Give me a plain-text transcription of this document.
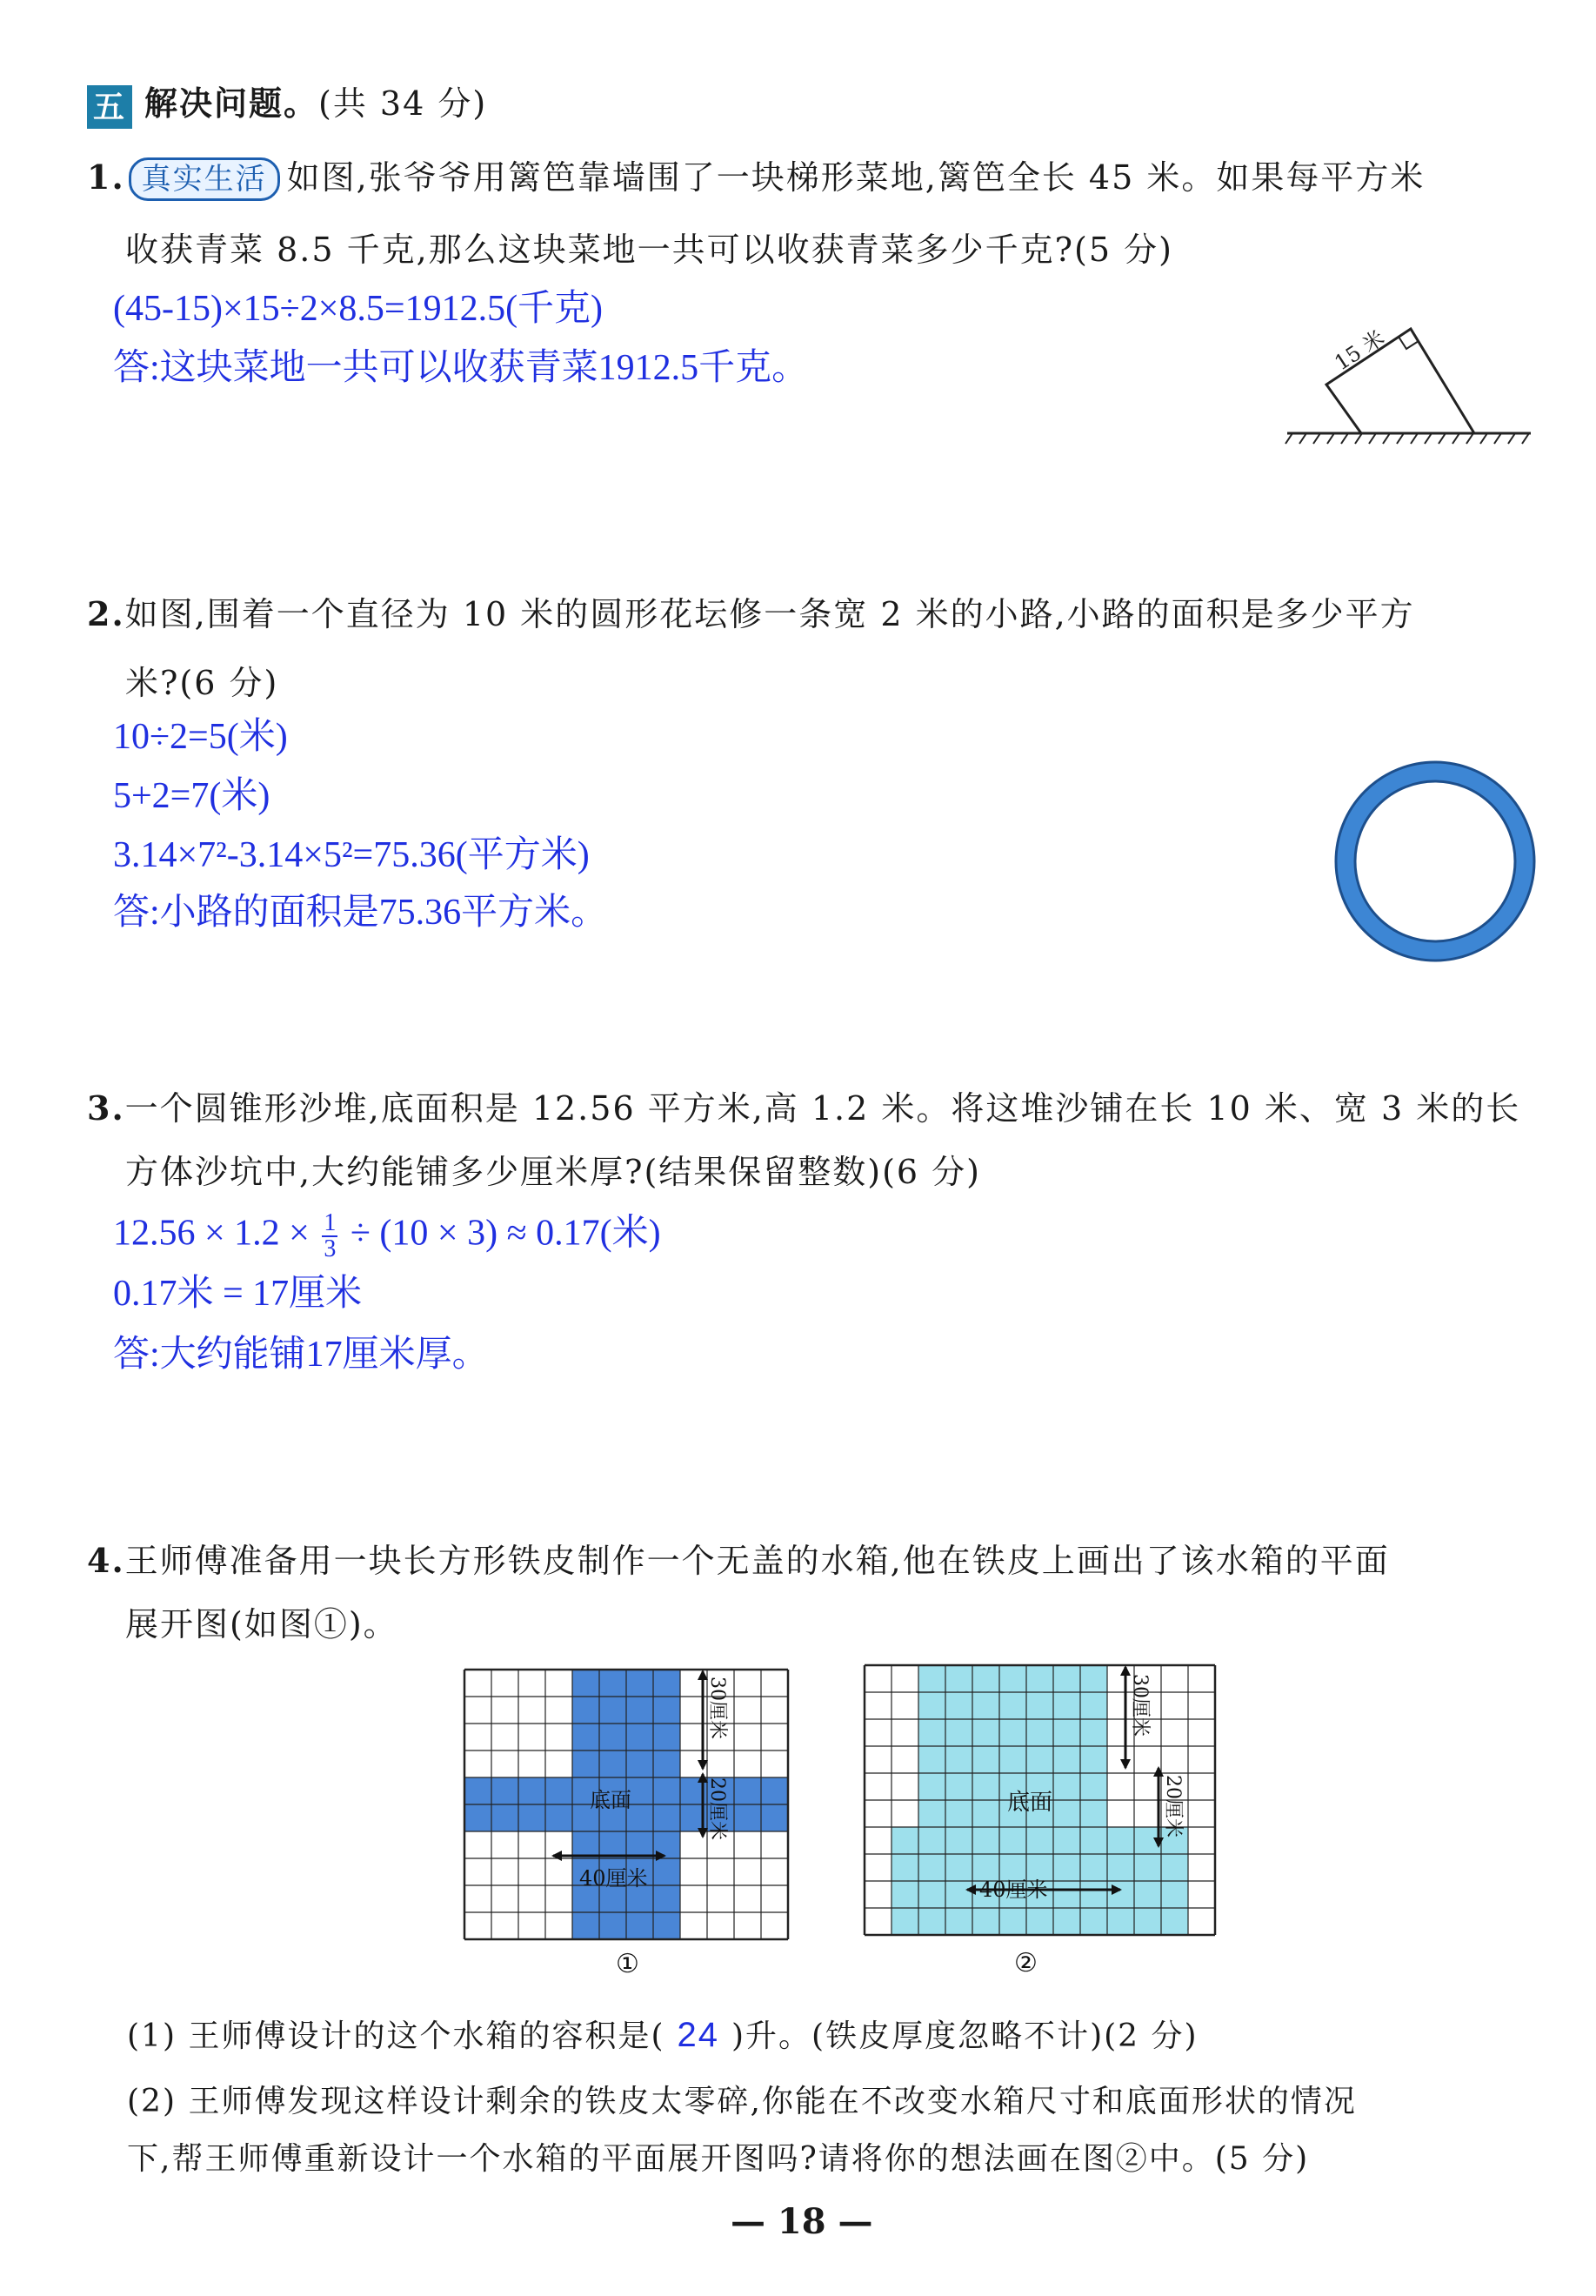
五 解决问题。(共 34 分)
1. 真实生活 如图,张爷爷用篱笆靠墙围了一块梯形菜地,篱笆全长 45 米。如果每平方米
收获青菜 8.5 千克,那么这块菜地一共可以收获青菜多少千克?(5 分)
(45-15)×15÷2×8.5=1912.5(千克)
答:这块菜地一共可以收获青菜1912.5千克。	15 米
2.如图,围着一个直径为 10 米的圆形花坛修一条宽 2 米的小路,小路的面积是多少平方
米?(6 分)
10÷2=5(米)
5+2=7(米)
3.14×7²-3.14×5²=75.36(平方米)
答:小路的面积是75.36平方米。
3.一个圆锥形沙堆,底面积是 12.56 平方米,高 1.2 米。将这堆沙铺在长 10 米、宽 3 米的长
方体沙坑中,大约能铺多少厘米厚?(结果保留整数)(6 分)
$12.56 \times 1.2 \times \frac{1}{3} \div (10 \times 3) \approx 0.17$(米)
0.17米 = 17厘米
答:大约能铺17厘米厚。
4.王师傅准备用一块长方形铁皮制作一个无盖的水箱,他在铁皮上画出了该水箱的平面
展开图(如图①)。
底面
30厘米
20厘米
40厘米
①
底面
30厘米
20厘米
40厘米
②
(1) 王师傅设计的这个水箱的容积是( 24 )升。(铁皮厚度忽略不计)(2 分)
(2) 王师傅发现这样设计剩余的铁皮太零碎,你能在不改变水箱尺寸和底面形状的情况
下,帮王师傅重新设计一个水箱的平面展开图吗?请将你的想法画在图②中。(5 分)
— 18 —
